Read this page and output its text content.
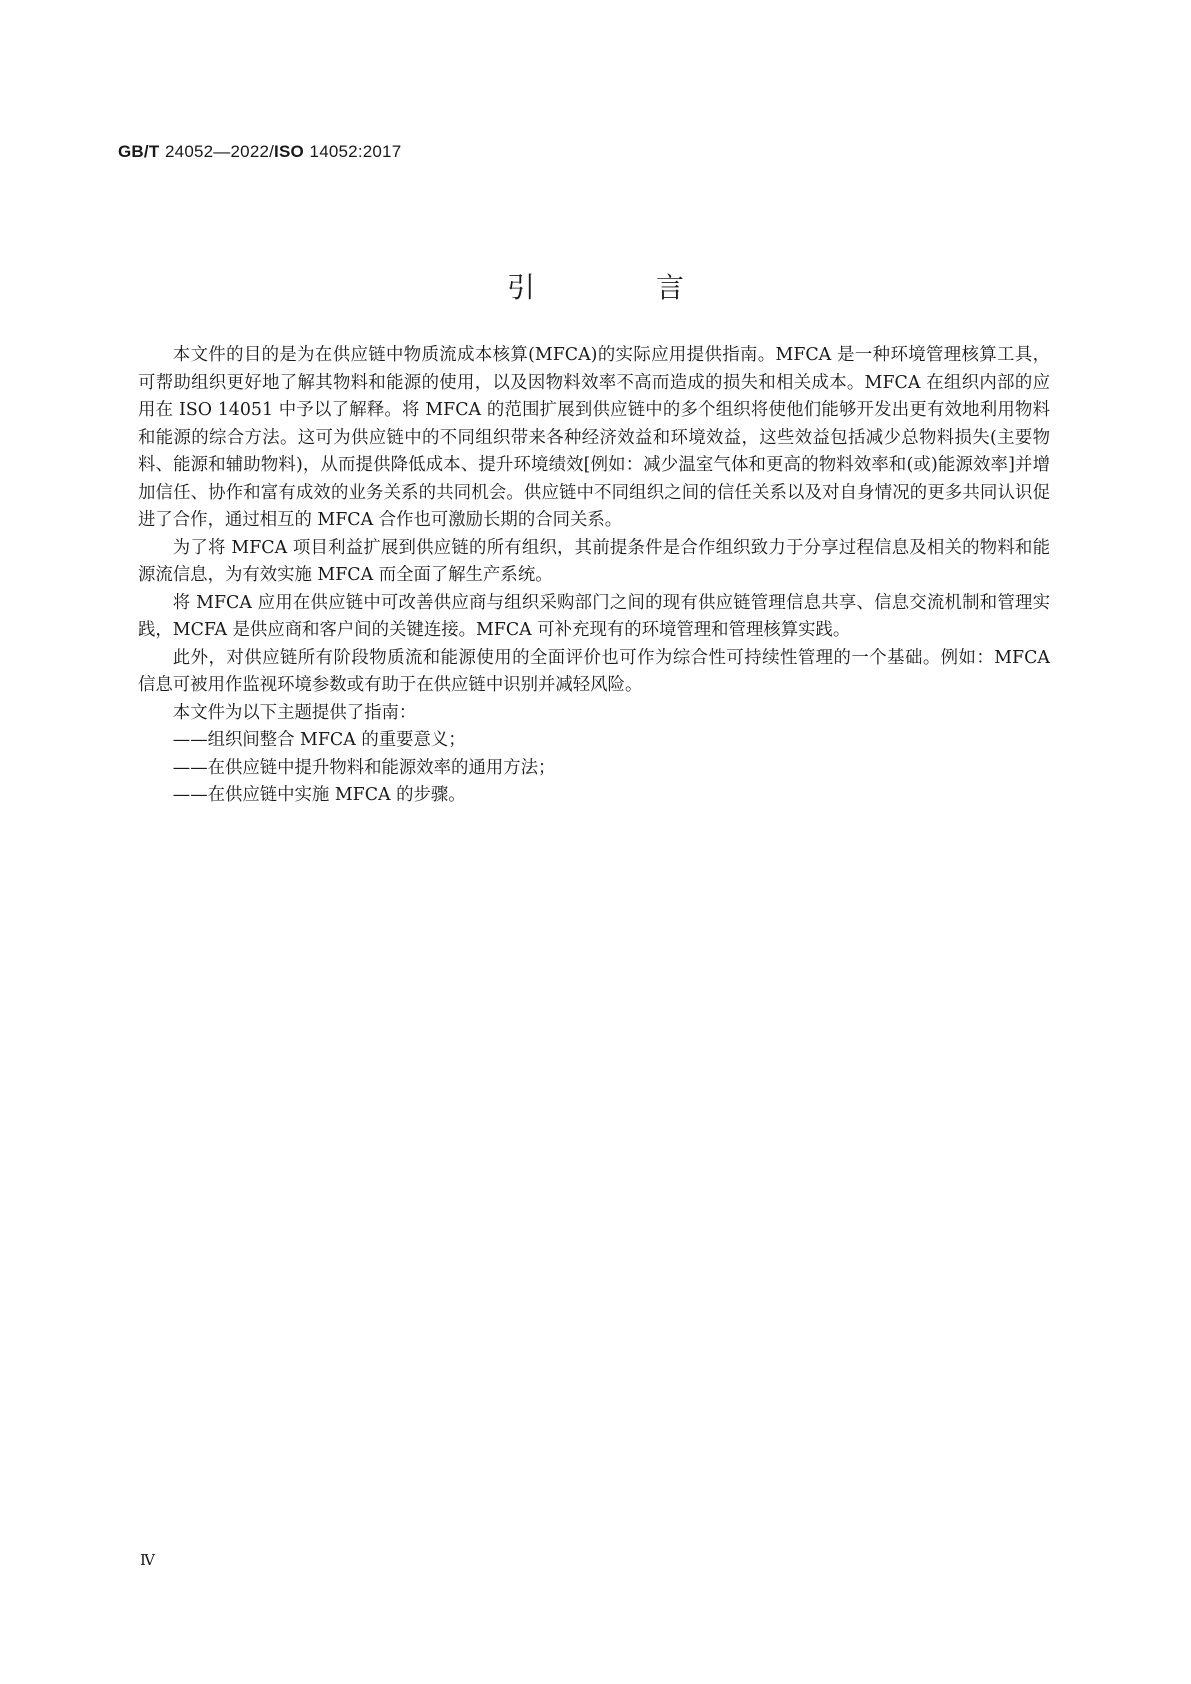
GB/T 24052—2022/ISO 14052:2017
引 言

本文件的目的是为在供应链中物质流成本核算(MFCA)的实际应用提供指南。MFCA 是一种环境管理核算工具，可帮助组织更好地了解其物料和能源的使用，以及因物料效率不高而造成的损失和相关成本。MFCA 在组织内部的应用在 ISO 14051 中予以了解释。将 MFCA 的范围扩展到供应链中的多个组织将使他们能够开发出更有效地利用物料和能源的综合方法。这可为供应链中的不同组织带来各种经济效益和环境效益，这些效益包括减少总物料损失(主要物料、能源和辅助物料)，从而提供降低成本、提升环境绩效[例如：减少温室气体和更高的物料效率和(或)能源效率]并增加信任、协作和富有成效的业务关系的共同机会。供应链中不同组织之间的信任关系以及对自身情况的更多共同认识促进了合作，通过相互的 MFCA 合作也可激励长期的合同关系。

为了将 MFCA 项目利益扩展到供应链的所有组织，其前提条件是合作组织致力于分享过程信息及相关的物料和能源流信息，为有效实施 MFCA 而全面了解生产系统。

将 MFCA 应用在供应链中可改善供应商与组织采购部门之间的现有供应链管理信息共享、信息交流机制和管理实践，MCFA 是供应商和客户间的关键连接。MFCA 可补充现有的环境管理和管理核算实践。

此外，对供应链所有阶段物质流和能源使用的全面评价也可作为综合性可持续性管理的一个基础。例如：MFCA 信息可被用作监视环境参数或有助于在供应链中识别并减轻风险。

本文件为以下主题提供了指南：

——组织间整合 MFCA 的重要意义；
——在供应链中提升物料和能源效率的通用方法；
——在供应链中实施 MFCA 的步骤。
Ⅳ
